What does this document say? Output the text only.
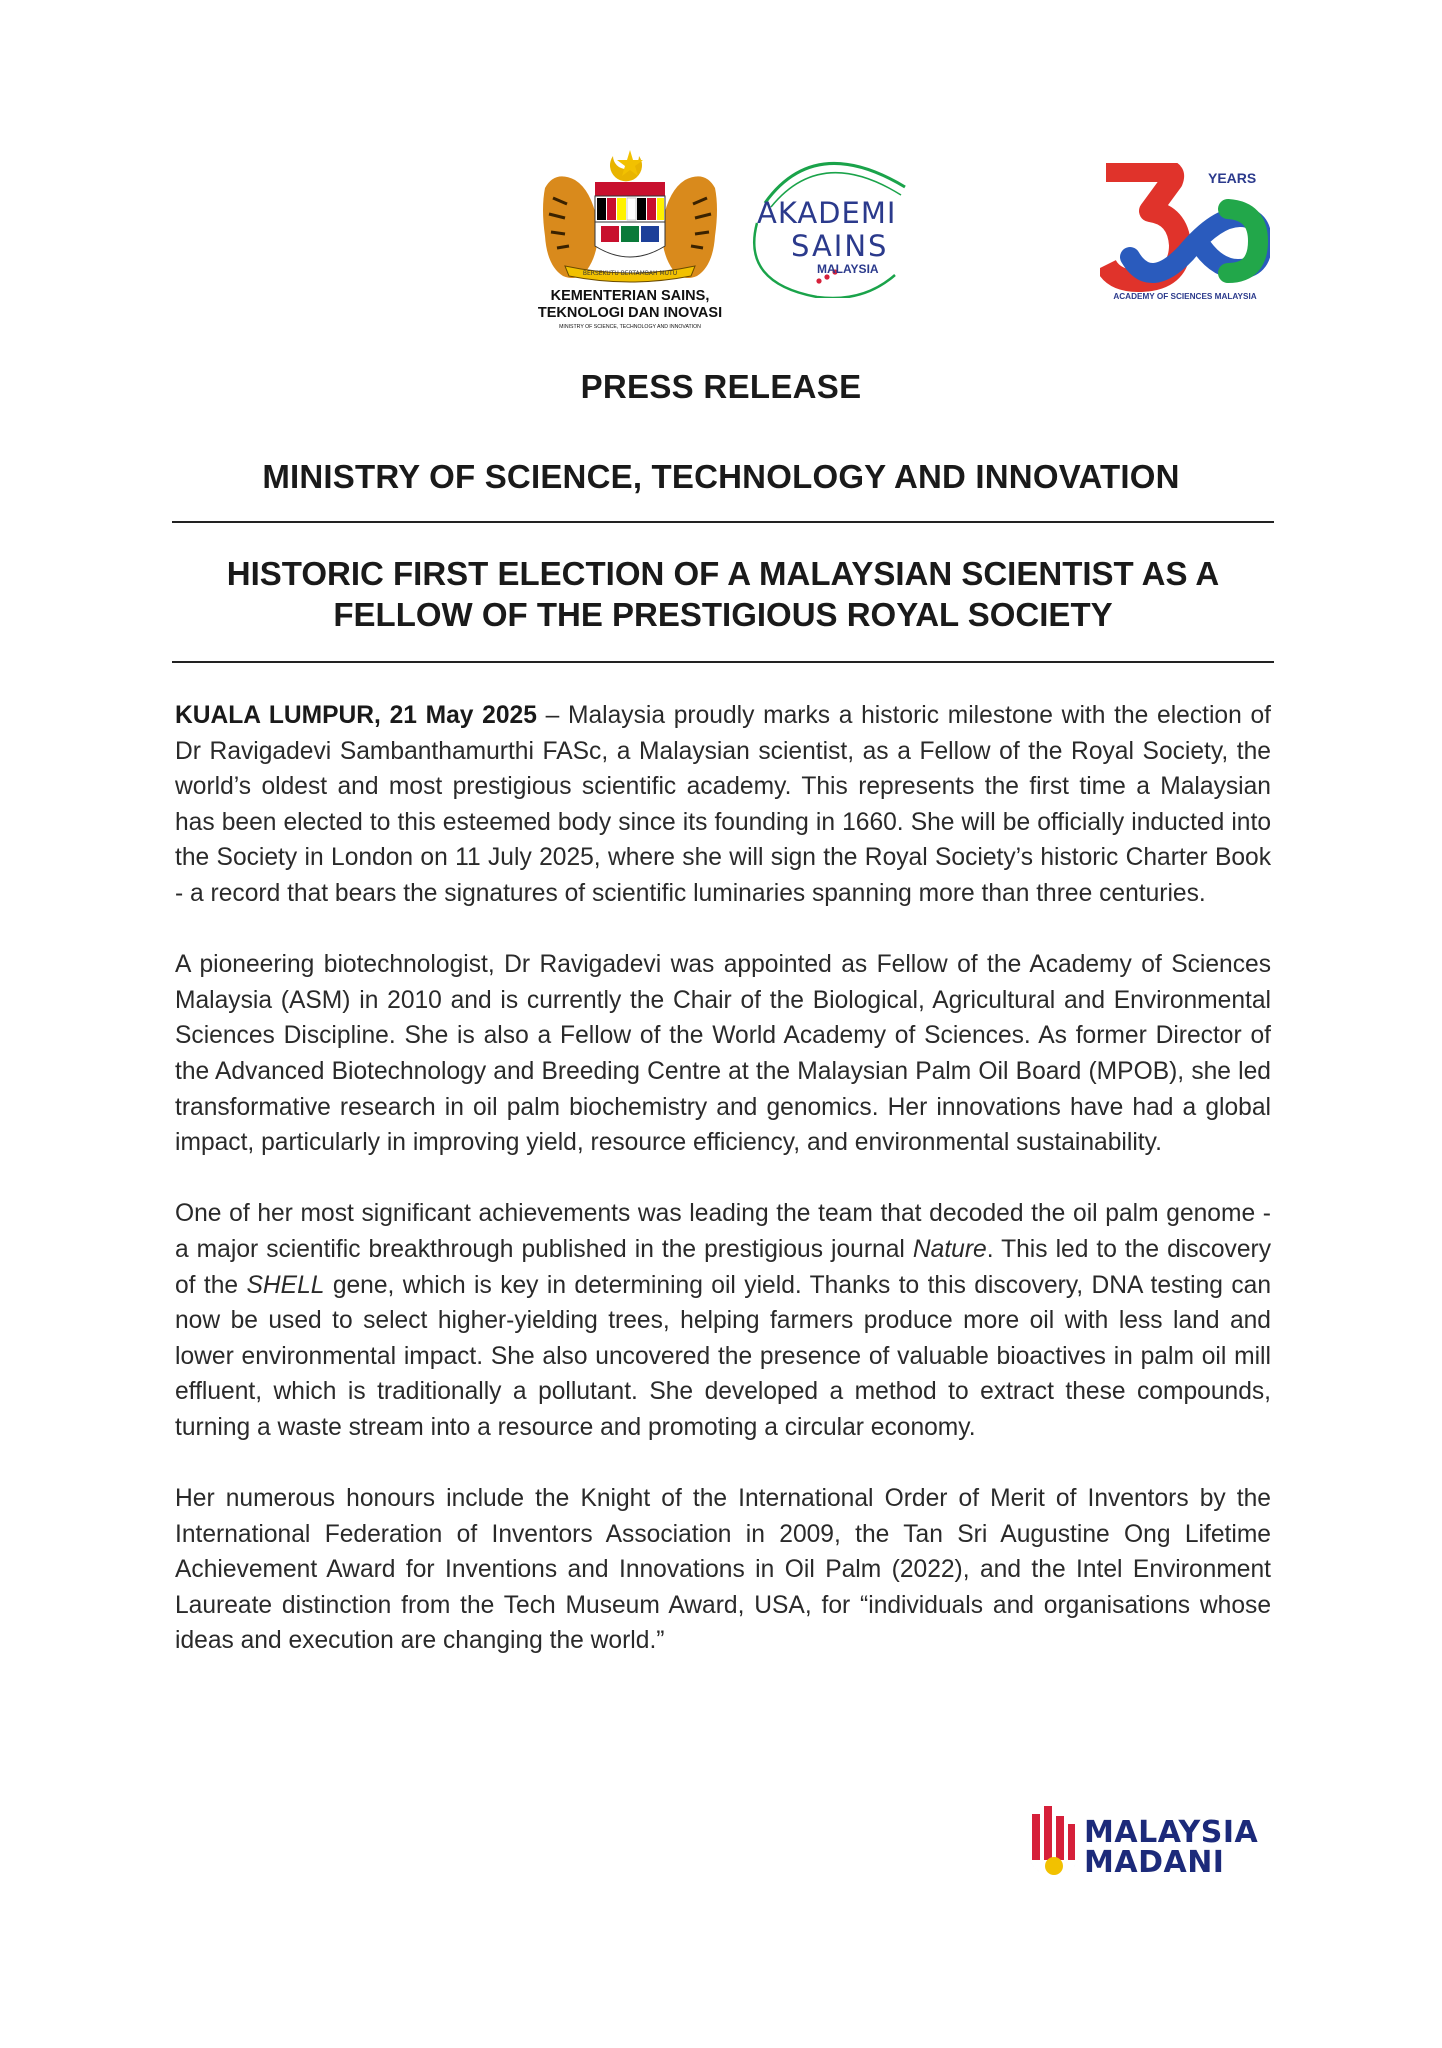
BERSEKUTU BERTAMBAH MUTU
KEMENTERIAN SAINS,
TEKNOLOGI DAN INOVASI
MINISTRY OF SCIENCE, TECHNOLOGY AND INNOVATION
AKADEMI
SAINS
MALAYSIA
YEARS
ACADEMY OF SCIENCES MALAYSIA
PRESS RELEASE
MINISTRY OF SCIENCE, TECHNOLOGY AND INNOVATION
HISTORIC FIRST ELECTION OF A MALAYSIAN SCIENTIST AS A
FELLOW OF THE PRESTIGIOUS ROYAL SOCIETY

KUALA LUMPUR, 21 May 2025 – Malaysia proudly marks a historic milestone with the election of Dr Ravigadevi Sambanthamurthi FASc, a Malaysian scientist, as a Fellow of the Royal Society, the world’s oldest and most prestigious scientific academy. This represents the first time a Malaysian has been elected to this esteemed body since its founding in 1660. She will be officially inducted into the Society in London on 11 July 2025, where she will sign the Royal Society’s historic Charter Book - a record that bears the signatures of scientific luminaries spanning more than three centuries.

A pioneering biotechnologist, Dr Ravigadevi was appointed as Fellow of the Academy of Sciences Malaysia (ASM) in 2010 and is currently the Chair of the Biological, Agricultural and Environmental Sciences Discipline. She is also a Fellow of the World Academy of Sciences. As former Director of the Advanced Biotechnology and Breeding Centre at the Malaysian Palm Oil Board (MPOB), she led transformative research in oil palm biochemistry and genomics. Her innovations have had a global impact, particularly in improving yield, resource efficiency, and environmental sustainability.

One of her most significant achievements was leading the team that decoded the oil palm genome - a major scientific breakthrough published in the prestigious journal Nature. This led to the discovery of the SHELL gene, which is key in determining oil yield. Thanks to this discovery, DNA testing can now be used to select higher-yielding trees, helping farmers produce more oil with less land and lower environmental impact. She also uncovered the presence of valuable bioactives in palm oil mill effluent, which is traditionally a pollutant. She developed a method to extract these compounds, turning a waste stream into a resource and promoting a circular economy.

Her numerous honours include the Knight of the International Order of Merit of Inventors by the International Federation of Inventors Association in 2009, the Tan Sri Augustine Ong Lifetime Achievement Award for Inventions and Innovations in Oil Palm (2022), and the Intel Environment Laureate distinction from the Tech Museum Award, USA, for “individuals and organisations whose ideas and execution are changing the world.”

MALAYSIA
MADANI
